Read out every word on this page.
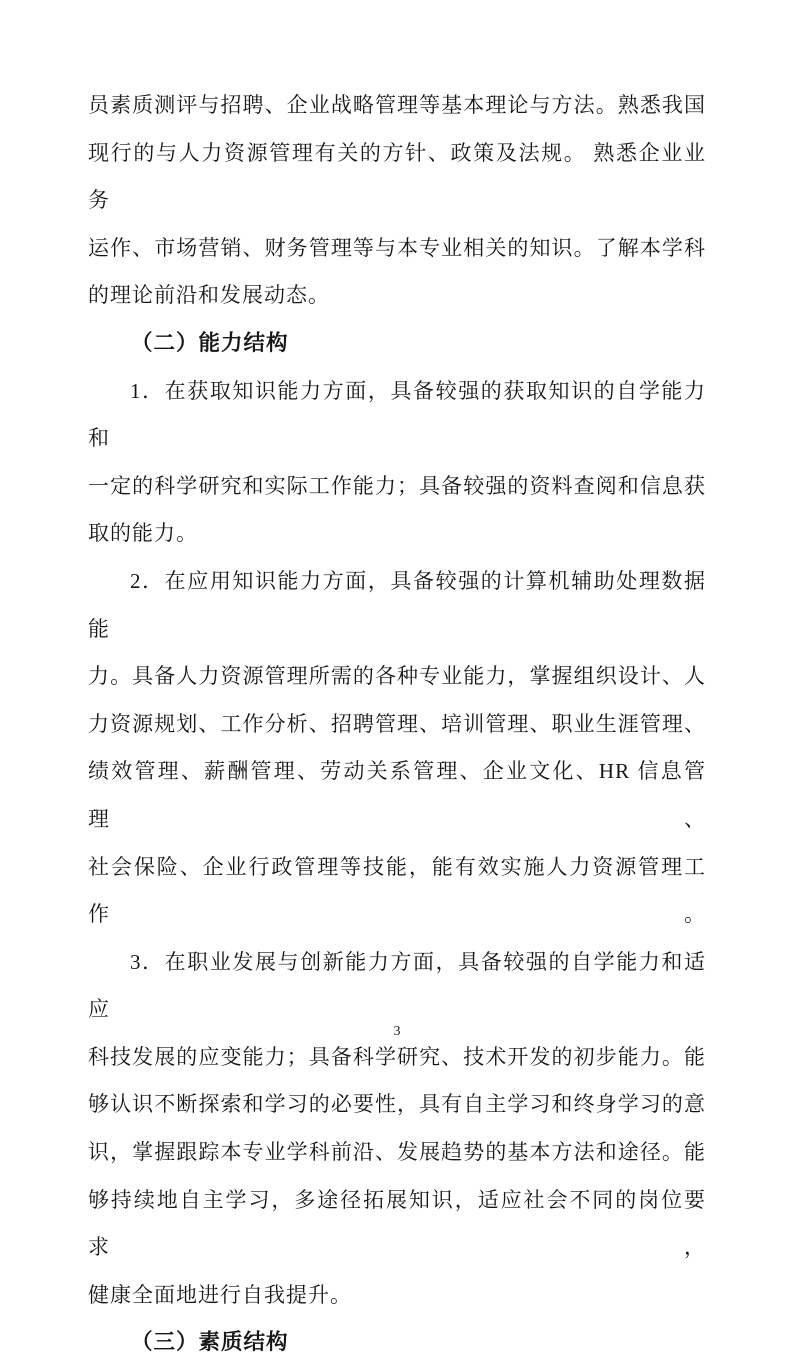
员素质测评与招聘、企业战略管理等基本理论与方法。熟悉我国
现行的与人力资源管理有关的方针、政策及法规。 熟悉企业业务
运作、市场营销、财务管理等与本专业相关的知识。了解本学科
的理论前沿和发展动态。
（二）能力结构
1．在获取知识能力方面，具备较强的获取知识的自学能力和
一定的科学研究和实际工作能力；具备较强的资料查阅和信息获
取的能力。
2．在应用知识能力方面，具备较强的计算机辅助处理数据能
力。具备人力资源管理所需的各种专业能力，掌握组织设计、人
力资源规划、工作分析、招聘管理、培训管理、职业生涯管理、
绩效管理、薪酬管理、劳动关系管理、企业文化、HR 信息管理、
社会保险、企业行政管理等技能，能有效实施人力资源管理工作。
3．在职业发展与创新能力方面，具备较强的自学能力和适应
科技发展的应变能力；具备科学研究、技术开发的初步能力。能
够认识不断探索和学习的必要性，具有自主学习和终身学习的意
识，掌握跟踪本专业学科前沿、发展趋势的基本方法和途径。能
够持续地自主学习，多途径拓展知识，适应社会不同的岗位要求，
健康全面地进行自我提升。
（三）素质结构
3
